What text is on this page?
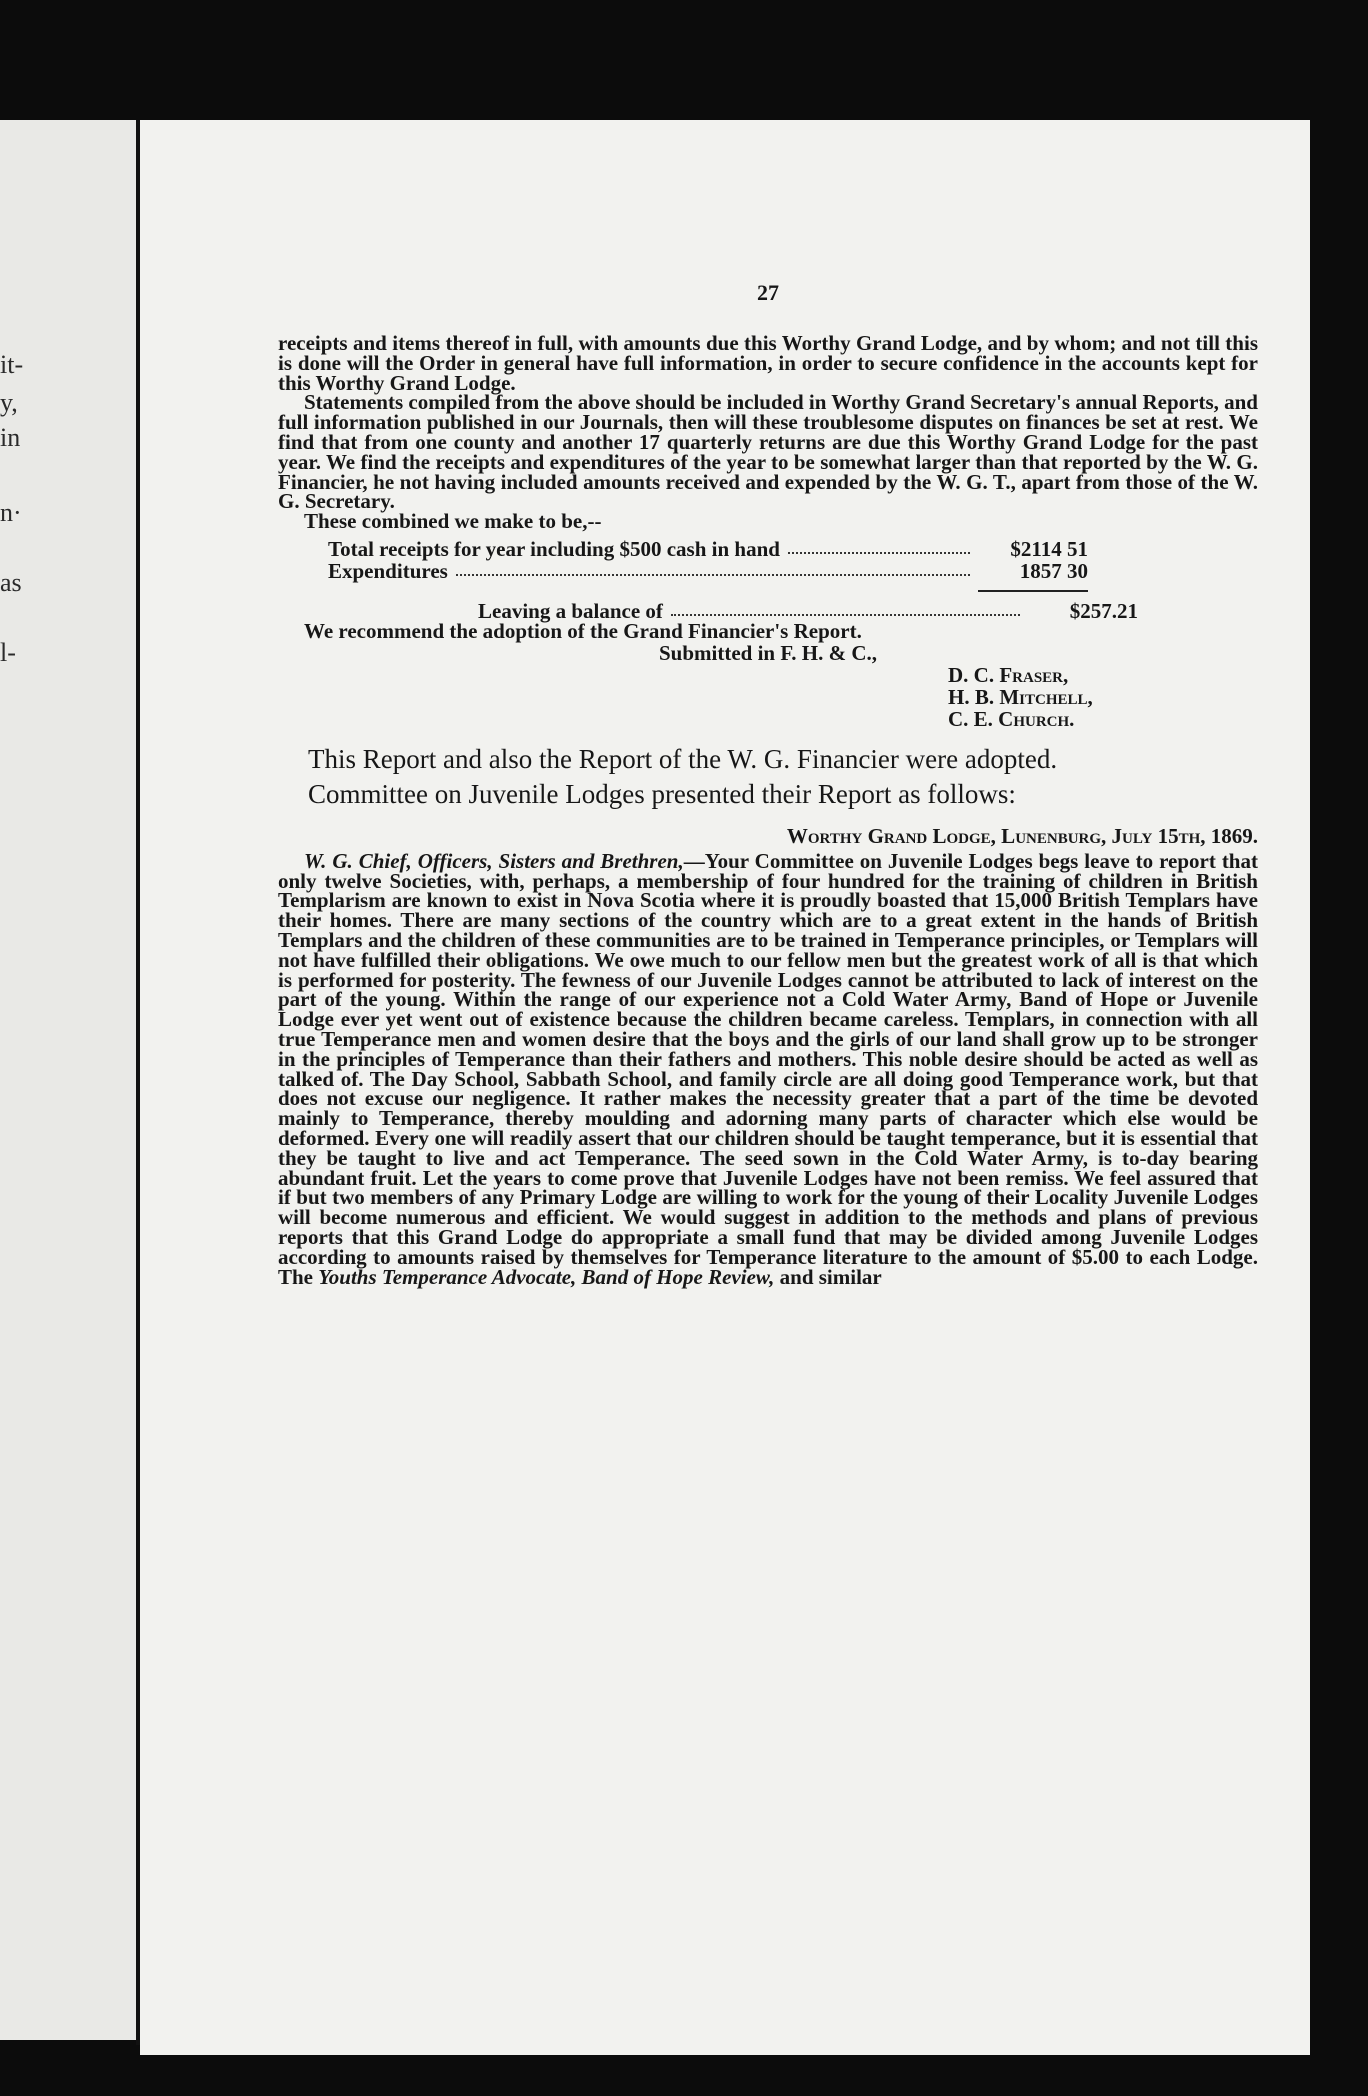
it-
y,
in
n·
as
l-
27

receipts and items thereof in full, with amounts due this Worthy Grand Lodge, and by whom; and not till this is done will the Order in general have full information, in order to secure confidence in the accounts kept for this Worthy Grand Lodge.

Statements compiled from the above should be included in Worthy Grand Secretary's annual Reports, and full information published in our Journals, then will these troublesome disputes on finances be set at rest. We find that from one county and another 17 quarterly returns are due this Worthy Grand Lodge for the past year. We find the receipts and expenditures of the year to be somewhat larger than that reported by the W. G. Financier, he not having included amounts received and expended by the W. G. T., apart from those of the W. G. Secretary.

These combined we make to be,--

Total receipts for year including $500 cash in hand	$2114 51
Expenditures	1857 30
Leaving a balance of	$257.21

We recommend the adoption of the Grand Financier's Report.

Submitted in F. H. & C.,

D. C. Fraser,
H. B. Mitchell,
C. E. Church.

This Report and also the Report of the W. G. Financier were adopted.

Committee on Juvenile Lodges presented their Report as follows:

Worthy Grand Lodge, Lunenburg, July 15th, 1869.

W. G. Chief, Officers, Sisters and Brethren,—Your Committee on Juvenile Lodges begs leave to report that only twelve Societies, with, perhaps, a membership of four hundred for the training of children in British Templarism are known to exist in Nova Scotia where it is proudly boasted that 15,000 British Templars have their homes. There are many sections of the country which are to a great extent in the hands of British Templars and the children of these communities are to be trained in Temperance principles, or Templars will not have fulfilled their obligations. We owe much to our fellow men but the greatest work of all is that which is performed for posterity. The fewness of our Juvenile Lodges cannot be attributed to lack of interest on the part of the young. Within the range of our experience not a Cold Water Army, Band of Hope or Juvenile Lodge ever yet went out of existence because the children became careless. Templars, in connection with all true Temperance men and women desire that the boys and the girls of our land shall grow up to be stronger in the principles of Temperance than their fathers and mothers. This noble desire should be acted as well as talked of. The Day School, Sabbath School, and family circle are all doing good Temperance work, but that does not excuse our negligence. It rather makes the necessity greater that a part of the time be devoted mainly to Temperance, thereby moulding and adorning many parts of character which else would be deformed. Every one will readily assert that our children should be taught temperance, but it is essential that they be taught to live and act Temperance. The seed sown in the Cold Water Army, is to-day bearing abundant fruit. Let the years to come prove that Juvenile Lodges have not been remiss. We feel assured that if but two members of any Primary Lodge are willing to work for the young of their Locality Juvenile Lodges will become numerous and efficient. We would suggest in addition to the methods and plans of previous reports that this Grand Lodge do appropriate a small fund that may be divided among Juvenile Lodges according to amounts raised by themselves for Temperance literature to the amount of $5.00 to each Lodge. The Youths Temperance Advocate, Band of Hope Review, and similar
